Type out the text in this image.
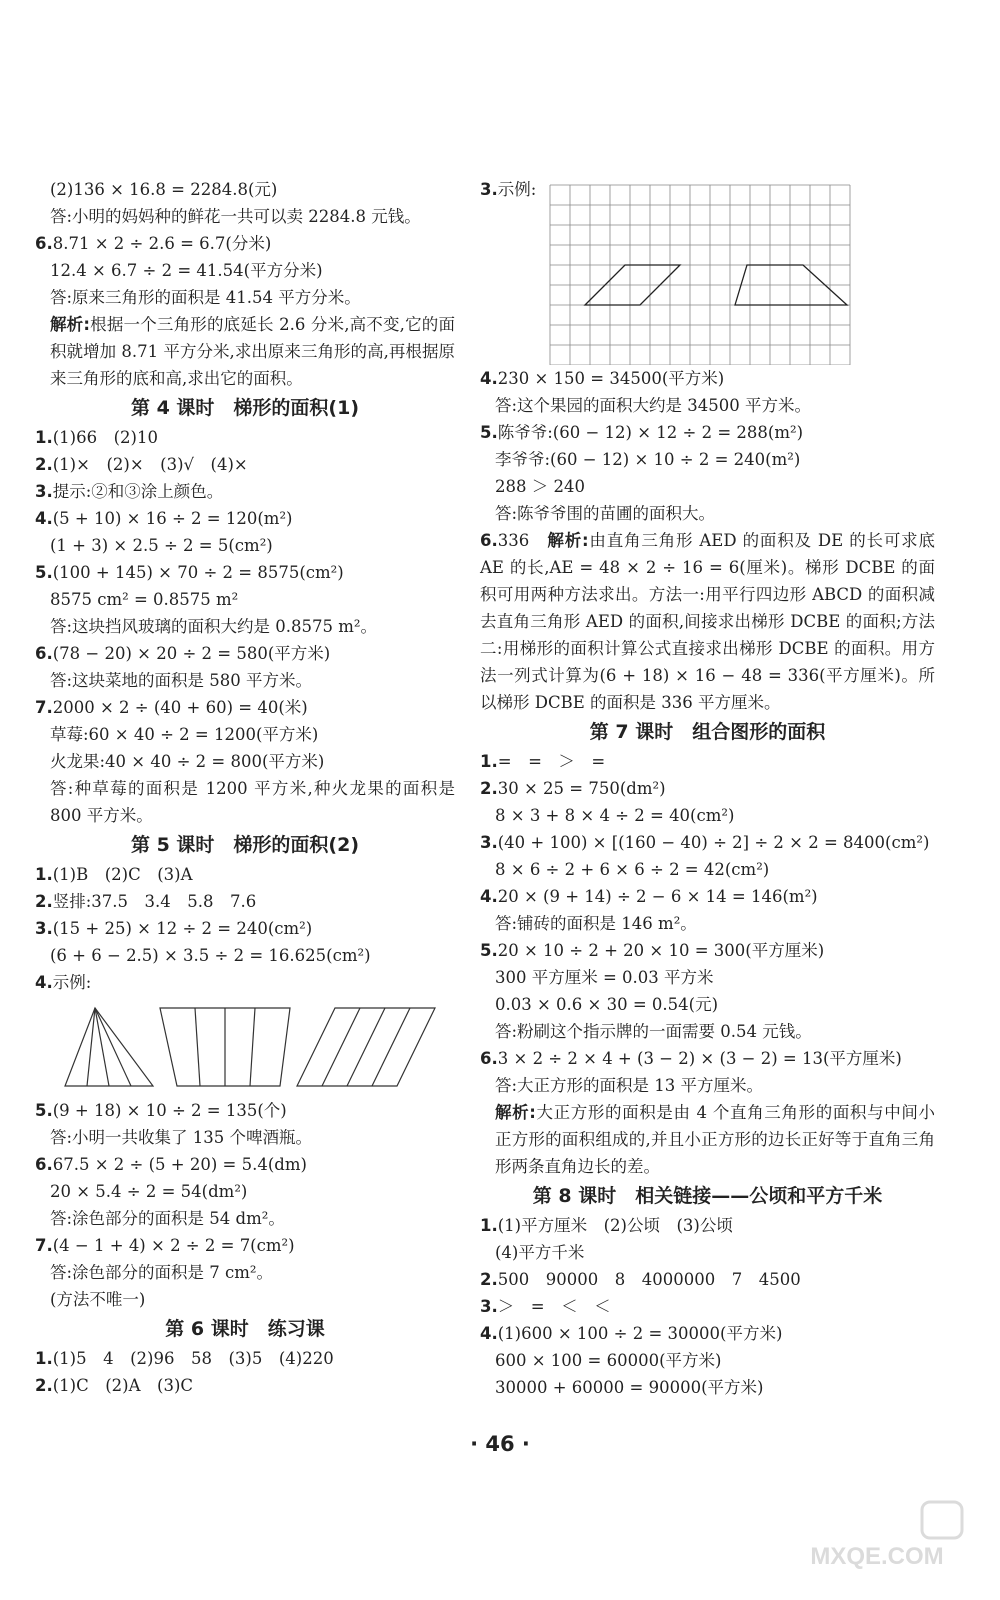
(2)136 × 16.8 = 2284.8(元)
答:小明的妈妈种的鲜花一共可以卖 2284.8 元钱。
6.8.71 × 2 ÷ 2.6 = 6.7(分米)
12.4 × 6.7 ÷ 2 = 41.54(平方分米)
答:原来三角形的面积是 41.54 平方分米。
解析:根据一个三角形的底延长 2.6 分米,高不变,它的面积就增加 8.71 平方分米,求出原来三角形的高,再根据原来三角形的底和高,求出它的面积。
第 4 课时　梯形的面积(1)
1.(1)66　(2)10
2.(1)×　(2)×　(3)√　(4)×
3.提示:②和③涂上颜色。
4.(5 + 10) × 16 ÷ 2 = 120(m²)
(1 + 3) × 2.5 ÷ 2 = 5(cm²)
5.(100 + 145) × 70 ÷ 2 = 8575(cm²)
8575 cm² = 0.8575 m²
答:这块挡风玻璃的面积大约是 0.8575 m²。
6.(78 − 20) × 20 ÷ 2 = 580(平方米)
答:这块菜地的面积是 580 平方米。
7.2000 × 2 ÷ (40 + 60) = 40(米)
草莓:60 × 40 ÷ 2 = 1200(平方米)
火龙果:40 × 40 ÷ 2 = 800(平方米)
答:种草莓的面积是 1200 平方米,种火龙果的面积是 800 平方米。
第 5 课时　梯形的面积(2)
1.(1)B　(2)C　(3)A
2.竖排:37.5　3.4　5.8　7.6
3.(15 + 25) × 12 ÷ 2 = 240(cm²)
(6 + 6 − 2.5) × 3.5 ÷ 2 = 16.625(cm²)
4.示例:
5.(9 + 18) × 10 ÷ 2 = 135(个)
答:小明一共收集了 135 个啤酒瓶。
6.67.5 × 2 ÷ (5 + 20) = 5.4(dm)
20 × 5.4 ÷ 2 = 54(dm²)
答:涂色部分的面积是 54 dm²。
7.(4 − 1 + 4) × 2 ÷ 2 = 7(cm²)
答:涂色部分的面积是 7 cm²。
(方法不唯一)
第 6 课时　练习课
1.(1)5　4　(2)96　58　(3)5　(4)220
2.(1)C　(2)A　(3)C
3.示例:
4.230 × 150 = 34500(平方米)
答:这个果园的面积大约是 34500 平方米。
5.陈爷爷:(60 − 12) × 12 ÷ 2 = 288(m²)
李爷爷:(60 − 12) × 10 ÷ 2 = 240(m²)
288 ＞ 240
答:陈爷爷围的苗圃的面积大。
6.336　 解析:由直角三角形 AED 的面积及 DE 的长可求底 AE 的长,AE = 48 × 2 ÷ 16 = 6(厘米)。梯形 DCBE 的面积可用两种方法求出。方法一:用平行四边形 ABCD 的面积减去直角三角形 AED 的面积,间接求出梯形 DCBE 的面积;方法二:用梯形的面积计算公式直接求出梯形 DCBE 的面积。用方法一列式计算为(6 + 18) × 16 − 48 = 336(平方厘米)。所以梯形 DCBE 的面积是 336 平方厘米。
第 7 课时　组合图形的面积
1.=　=　＞　=
2.30 × 25 = 750(dm²)
8 × 3 + 8 × 4 ÷ 2 = 40(cm²)
3.(40 + 100) × [(160 − 40) ÷ 2] ÷ 2 × 2 = 8400(cm²)
8 × 6 ÷ 2 + 6 × 6 ÷ 2 = 42(cm²)
4.20 × (9 + 14) ÷ 2 − 6 × 14 = 146(m²)
答:铺砖的面积是 146 m²。
5.20 × 10 ÷ 2 + 20 × 10 = 300(平方厘米)
300 平方厘米 = 0.03 平方米
0.03 × 0.6 × 30 = 0.54(元)
答:粉刷这个指示牌的一面需要 0.54 元钱。
6.3 × 2 ÷ 2 × 4 + (3 − 2) × (3 − 2) = 13(平方厘米)
答:大正方形的面积是 13 平方厘米。
解析:大正方形的面积是由 4 个直角三角形的面积与中间小正方形的面积组成的,并且小正方形的边长正好等于直角三角形两条直角边长的差。
第 8 课时　相关链接——公顷和平方千米
1.(1)平方厘米　(2)公顷　(3)公顷
(4)平方千米
2.500　90000　8　4000000　7　4500
3.＞　=　＜　＜
4.(1)600 × 100 ÷ 2 = 30000(平方米)
600 × 100 = 60000(平方米)
30000 + 60000 = 90000(平方米)
· 46 ·
MXQE.COM
